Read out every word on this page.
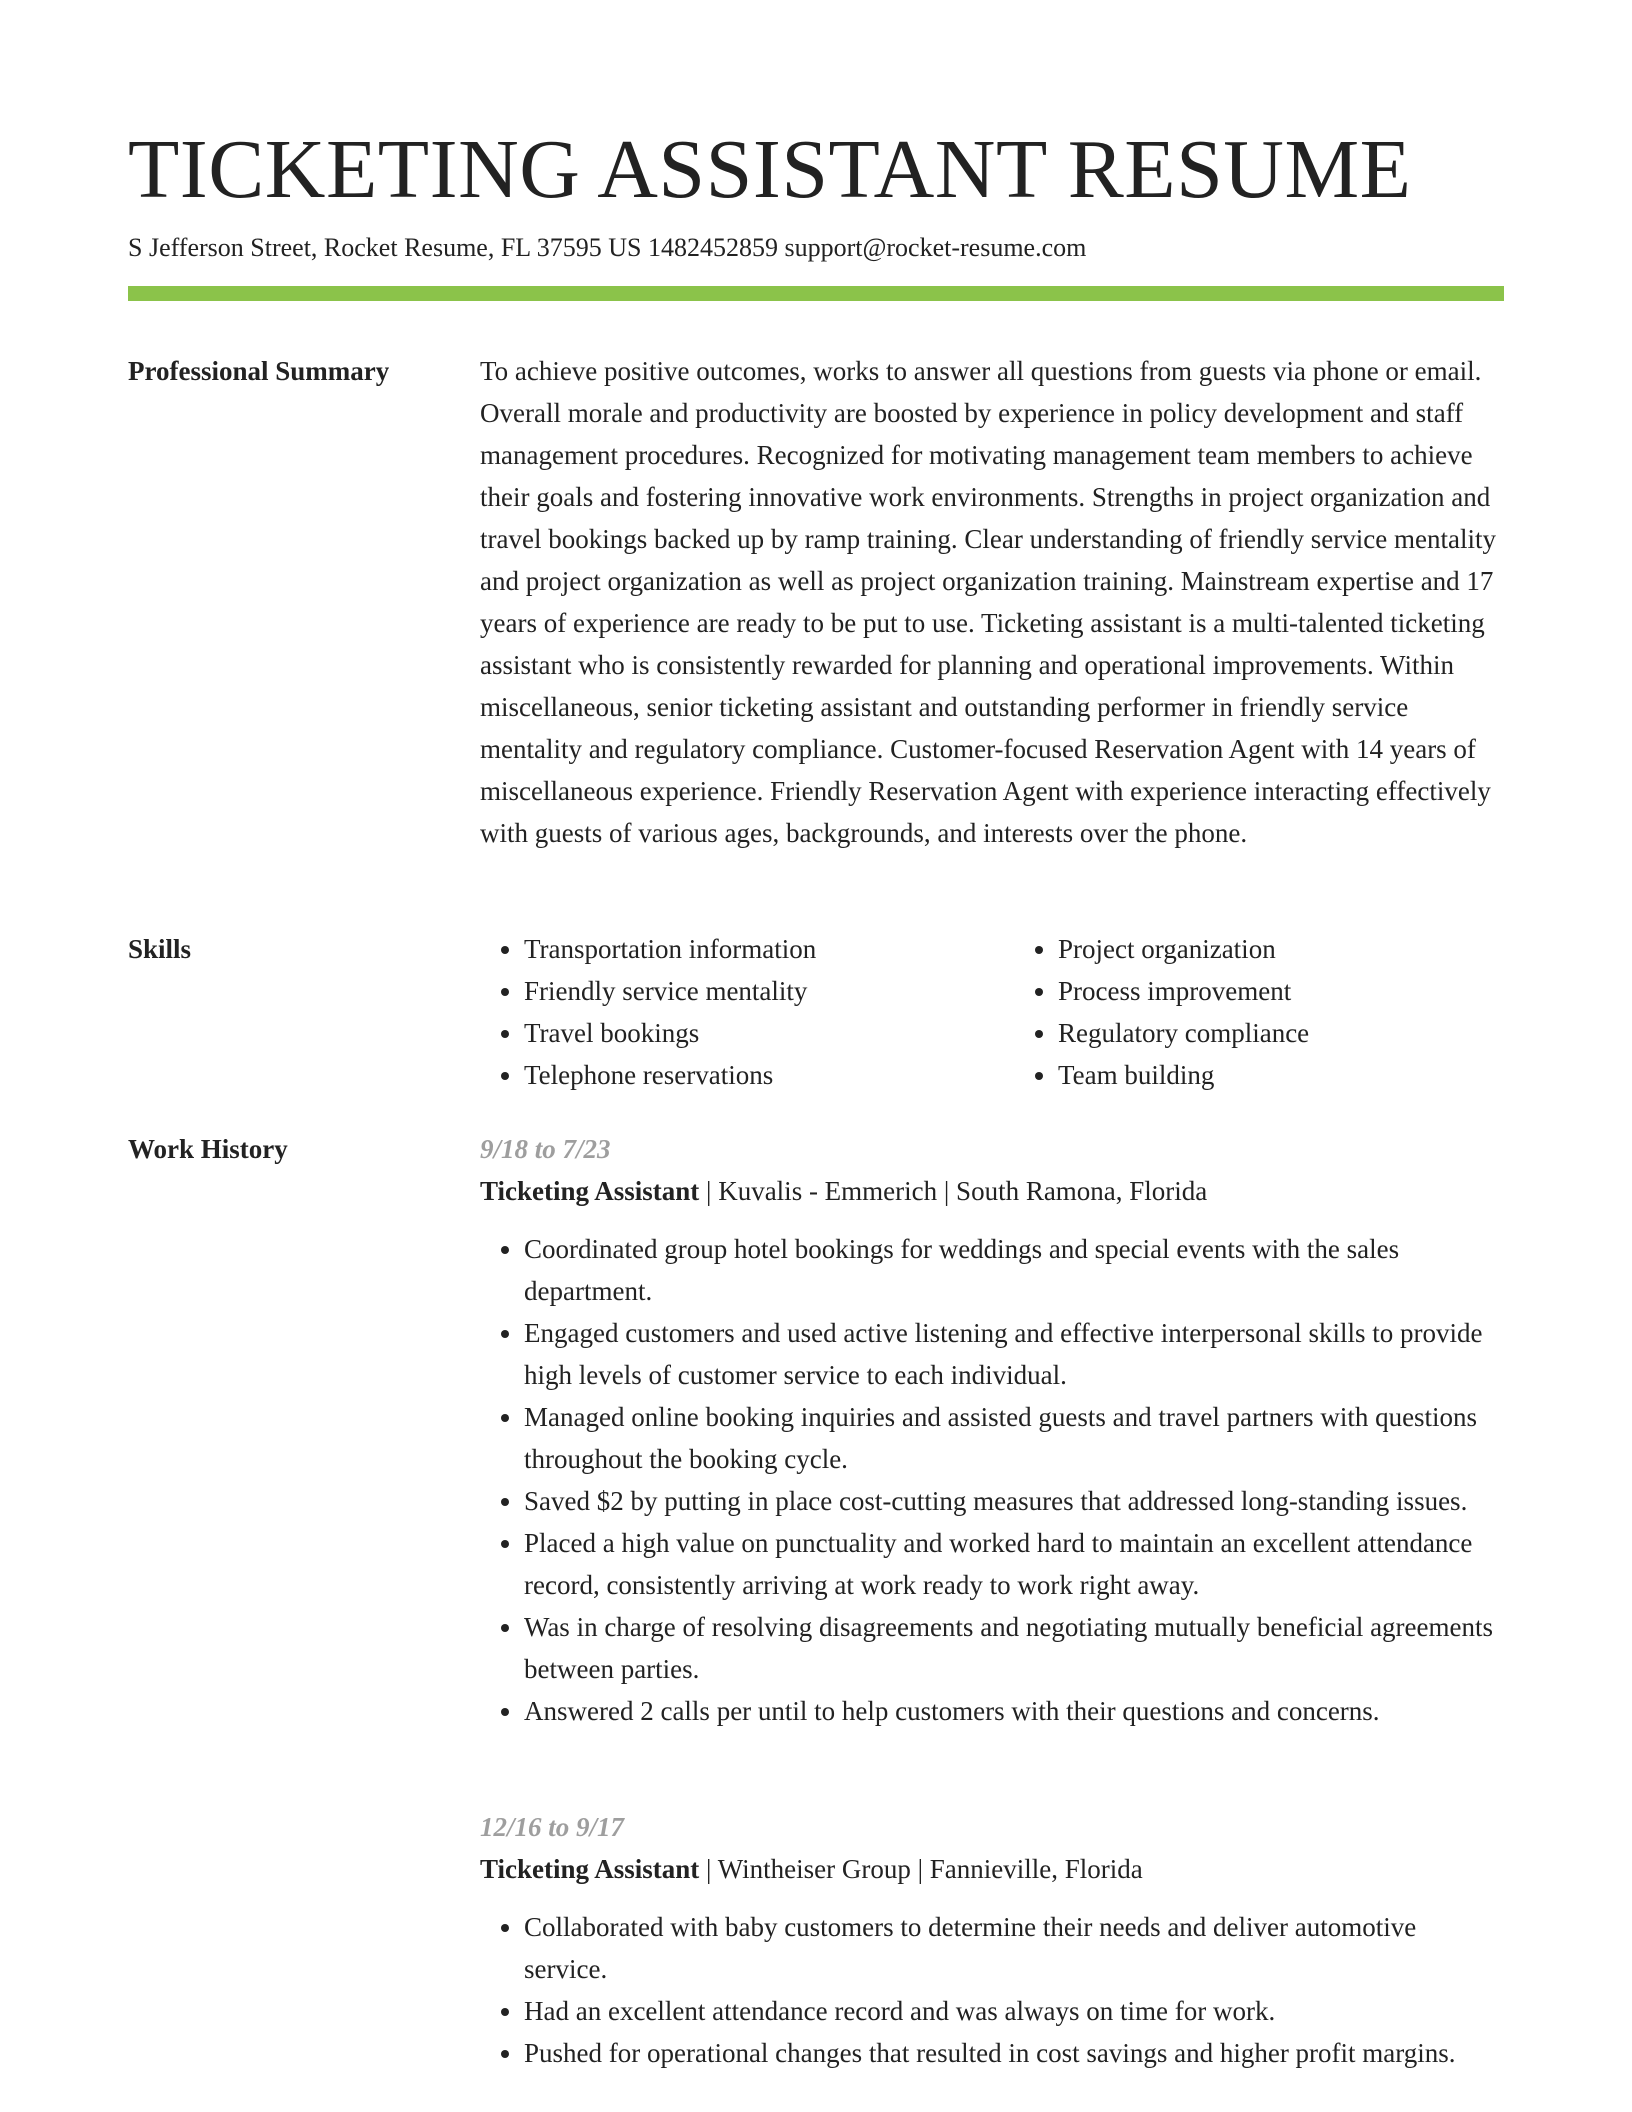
TICKETING ASSISTANT RESUME
S Jefferson Street, Rocket Resume, FL 37595 US 1482452859 support@rocket-resume.com
Professional Summary	To achieve positive outcomes, works to answer all questions from guests via phone or email. Overall morale and productivity are boosted by experience in policy development and staff management procedures. Recognized for motivating management team members to achieve their goals and fostering innovative work environments. Strengths in project organization and travel bookings backed up by ramp training. Clear understanding of friendly service mentality and project organization as well as project organization training. Mainstream expertise and 17 years of experience are ready to be put to use. Ticketing assistant is a multi-talented ticketing assistant who is consistently rewarded for planning and operational improvements. Within miscellaneous, senior ticketing assistant and outstanding performer in friendly service mentality and regulatory compliance. Customer-focused Reservation Agent with 14 years of miscellaneous experience. Friendly Reservation Agent with experience interacting effectively with guests of various ages, backgrounds, and interests over the phone.

Skills
•	Transportation information
• Friendly service mentality
• Travel bookings
• Telephone reservations
• Project organization
• Process improvement
• Regulatory compliance
• Team building
Work History	9/18 to 7/23
Ticketing Assistant | Kuvalis - Emmerich | South Ramona, Florida
• Coordinated group hotel bookings for weddings and special events with the sales department.
• Engaged customers and used active listening and effective interpersonal skills to provide high levels of customer service to each individual.
• Managed online booking inquiries and assisted guests and travel partners with questions throughout the booking cycle.
• Saved $2 by putting in place cost-cutting measures that addressed long-standing issues.
• Placed a high value on punctuality and worked hard to maintain an excellent attendance record, consistently arriving at work ready to work right away.
• Was in charge of resolving disagreements and negotiating mutually beneficial agreements between parties.
• Answered 2 calls per until to help customers with their questions and concerns.
12/16 to 9/17
Ticketing Assistant | Wintheiser Group | Fannieville, Florida
• Collaborated with baby customers to determine their needs and deliver automotive service.
• Had an excellent attendance record and was always on time for work.
• Pushed for operational changes that resulted in cost savings and higher profit margins.
